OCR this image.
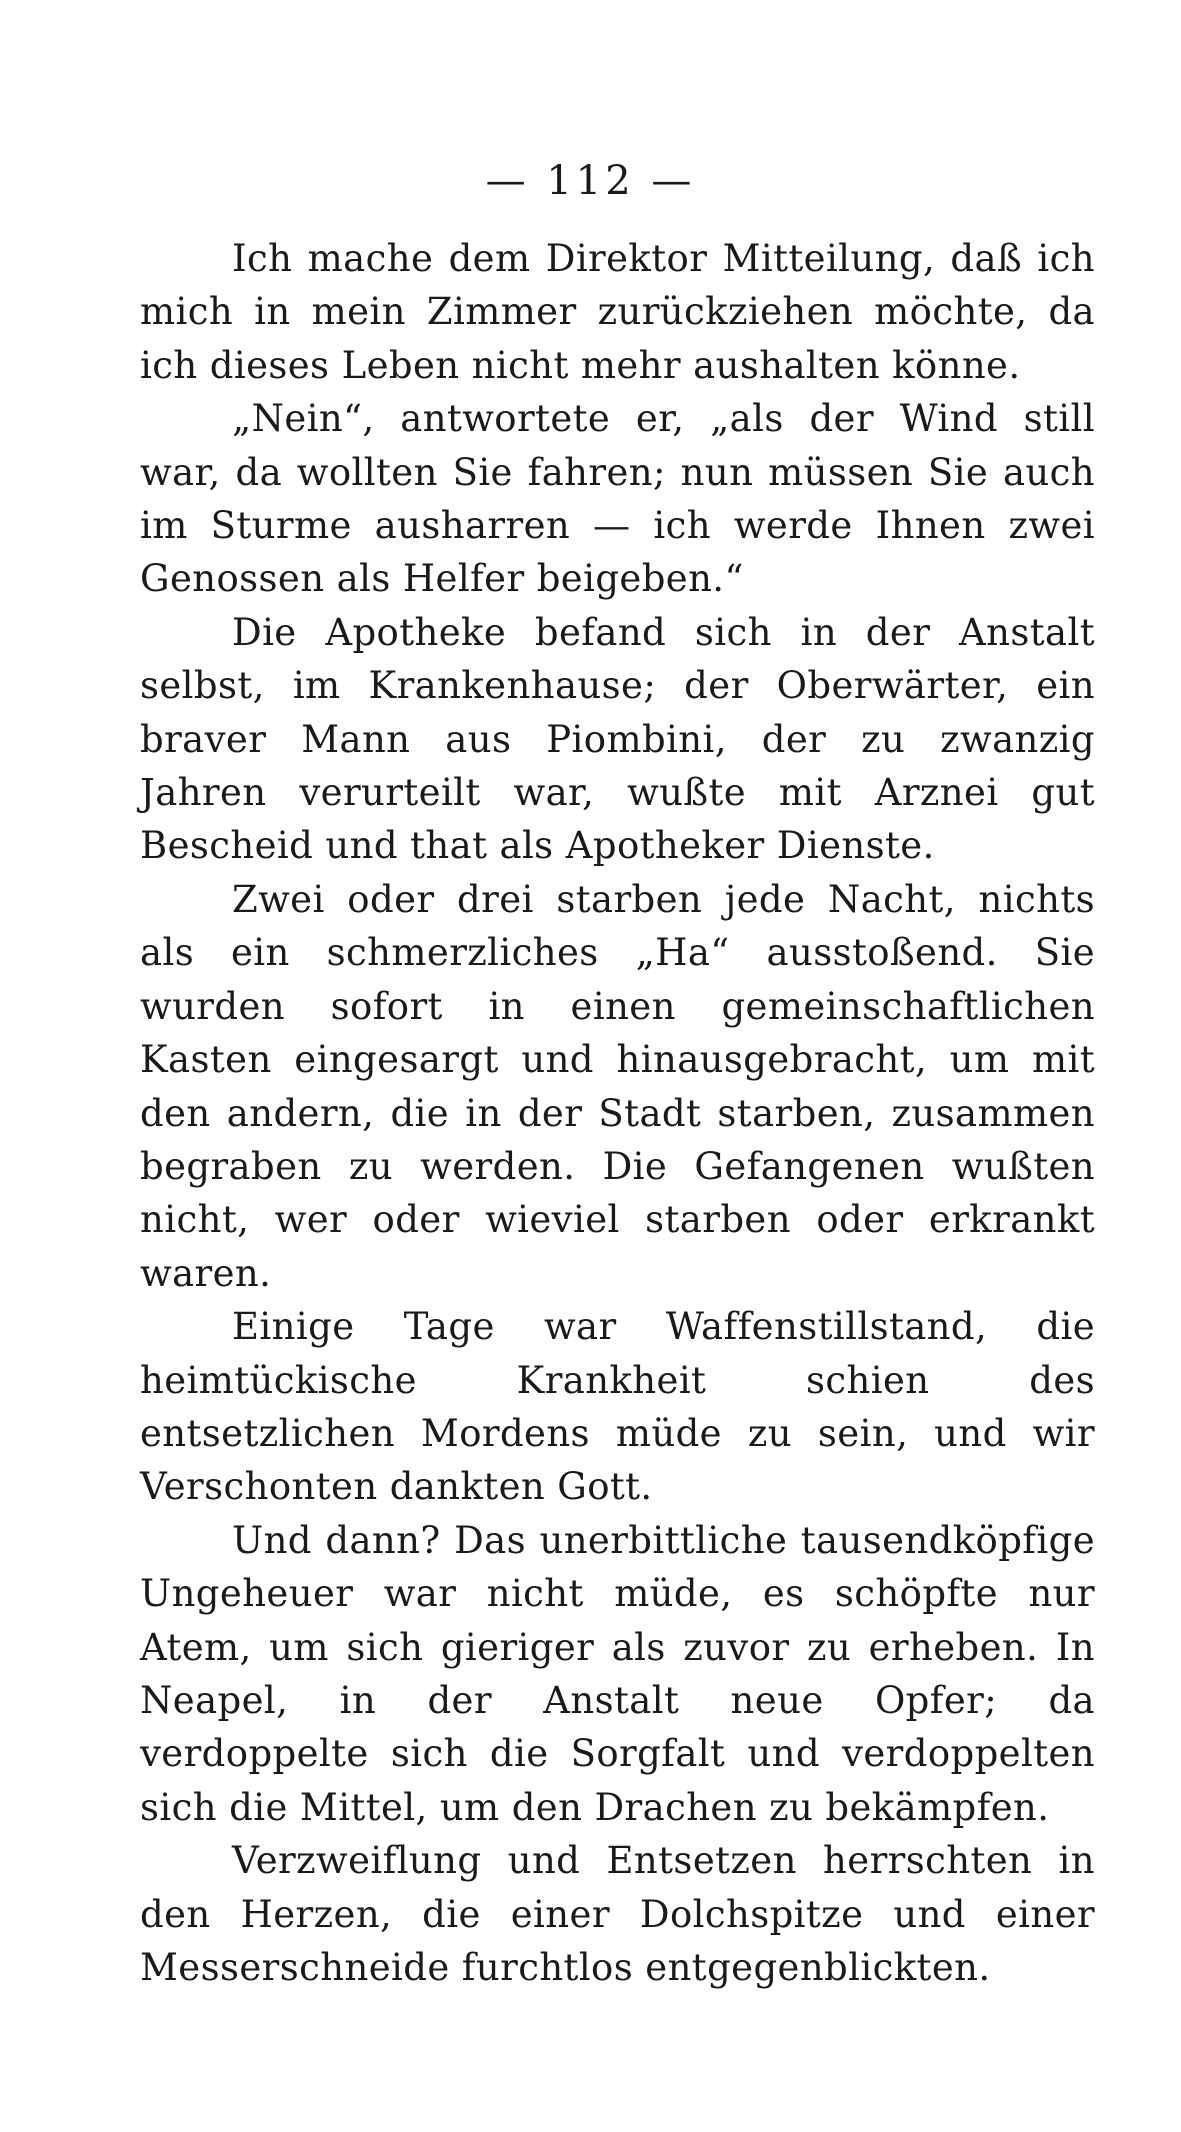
— 112 —

Ich mache dem Direktor Mitteilung, daß ich mich in mein Zimmer zurückziehen möchte, da ich dieses Leben nicht mehr aushalten könne.

„Nein“, antwortete er, „als der Wind still war, da wollten Sie fahren; nun müssen Sie auch im Sturme ausharren — ich werde Ihnen zwei Genossen als Helfer beigeben.“

Die Apotheke befand sich in der Anstalt selbst, im Krankenhause; der Oberwärter, ein braver Mann aus Piombini, der zu zwanzig Jahren verurteilt war, wußte mit Arznei gut Bescheid und that als Apotheker Dienste.

Zwei oder drei starben jede Nacht, nichts als ein schmerzliches „Ha“ ausstoßend. Sie wurden sofort in einen gemeinschaftlichen Kasten eingesargt und hinausgebracht, um mit den andern, die in der Stadt starben, zusammen begraben zu werden. Die Gefangenen wußten nicht, wer oder wieviel starben oder erkrankt waren.

Einige Tage war Waffenstillstand, die heimtückische Krankheit schien des entsetzlichen Mordens müde zu sein, und wir Verschonten dankten Gott.

Und dann? Das unerbittliche tausendköpfige Ungeheuer war nicht müde, es schöpfte nur Atem, um sich gieriger als zuvor zu erheben. In Neapel, in der Anstalt neue Opfer; da verdoppelte sich die Sorgfalt und verdoppelten sich die Mittel, um den Drachen zu bekämpfen.

Verzweiflung und Entsetzen herrschten in den Herzen, die einer Dolchspitze und einer Messerschneide furchtlos entgegenblickten.
